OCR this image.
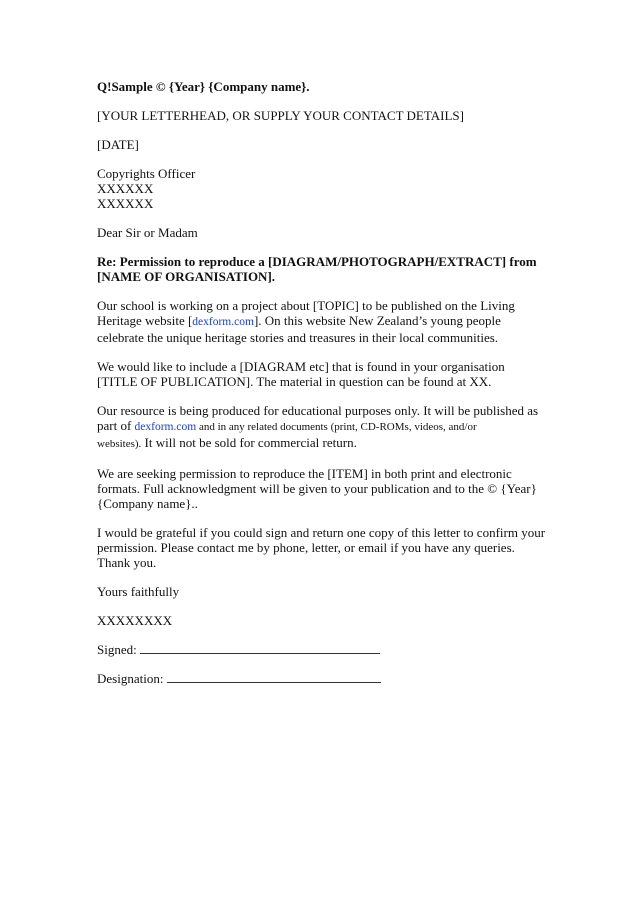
Q!Sample © {Year} {Company name}.
[YOUR LETTERHEAD, OR SUPPLY YOUR CONTACT DETAILS]
[DATE]
Copyrights Officer
XXXXXX
XXXXXX
Dear Sir or Madam
Re: Permission to reproduce a [DIAGRAM/PHOTOGRAPH/EXTRACT] from
[NAME OF ORGANISATION].
Our school is working on a project about [TOPIC] to be published on the Living
Heritage website [dexform.com]. On this website New Zealand’s young people
celebrate the unique heritage stories and treasures in their local communities.
We would like to include a [DIAGRAM etc] that is found in your organisation
[TITLE OF PUBLICATION]. The material in question can be found at XX.
Our resource is being produced for educational purposes only. It will be published as
part of dexform.com and in any related documents (print, CD-ROMs, videos, and/or
websites). It will not be sold for commercial return.
We are seeking permission to reproduce the [ITEM] in both print and electronic
formats. Full acknowledgment will be given to your publication and to the © {Year}
{Company name}..
I would be grateful if you could sign and return one copy of this letter to confirm your
permission. Please contact me by phone, letter, or email if you have any queries.
Thank you.
Yours faithfully
XXXXXXXX
Signed:
Designation:
